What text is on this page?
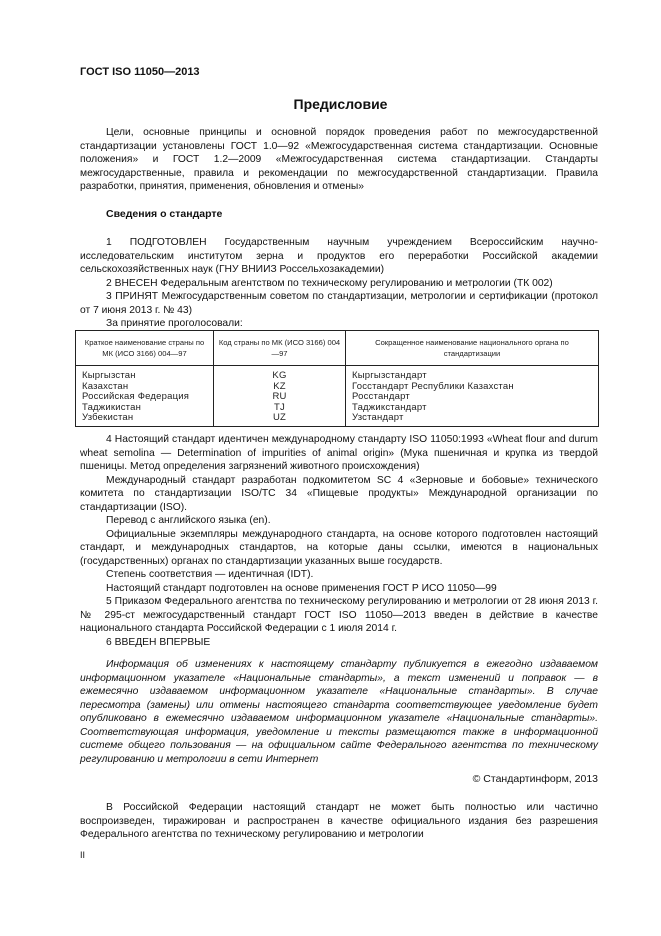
ГОСТ ISO 11050—2013
Предисловие

Цели, основные принципы и основной порядок проведения работ по межгосударственной стандартизации установлены ГОСТ 1.0—92 «Межгосударственная система стандартизации. Основные положения» и ГОСТ 1.2—2009 «Межгосударственная система стандартизации. Стандарты межгосударственные, правила и рекомендации по межгосударственной стандартизации. Правила разработки, принятия, применения, обновления и отмены»

Сведения о стандарте

1 ПОДГОТОВЛЕН Государственным научным учреждением Всероссийским научно-исследовательским институтом зерна и продуктов его переработки Российской академии сельскохозяйственных наук (ГНУ ВНИИЗ Россельхозакадемии)

2 ВНЕСЕН Федеральным агентством по техническому регулированию и метрологии (ТК 002)

3 ПРИНЯТ Межгосударственным советом по стандартизации, метрологии и сертификации (протокол от 7 июня 2013 г. № 43)

За принятие проголосовали:

Краткое наименование страны по МК (ИСО 3166) 004—97	Код страны по МК (ИСО 3166) 004—97	Сокращенное наименование национального органа по стандартизации
Кыргызстан	KG	Кыргызстандарт
Казахстан	KZ	Госстандарт Республики Казахстан
Российская Федерация	RU	Росстандарт
Таджикистан	TJ	Таджикстандарт
Узбекистан	UZ	Узстандарт

4 Настоящий стандарт идентичен международному стандарту ISO 11050:1993 «Wheat flour and durum wheat semolina — Determination of impurities of animal origin» (Мука пшеничная и крупка из твердой пшеницы. Метод определения загрязнений животного происхождения)

Международный стандарт разработан подкомитетом SC 4 «Зерновые и бобовые» технического комитета по стандартизации ISO/TC 34 «Пищевые продукты» Международной организации по стандартизации (ISO).

Перевод с английского языка (en).

Официальные экземпляры международного стандарта, на основе которого подготовлен настоящий стандарт, и международных стандартов, на которые даны ссылки, имеются в национальных (государственных) органах по стандартизации указанных выше государств.

Степень соответствия — идентичная (IDT).

Настоящий стандарт подготовлен на основе применения ГОСТ Р ИСО 11050—99

5 Приказом Федерального агентства по техническому регулированию и метрологии от 28 июня 2013 г. № 295-ст межгосударственный стандарт ГОСТ ISO 11050—2013 введен в действие в качестве национального стандарта Российской Федерации с 1 июля 2014 г.

6 ВВЕДЕН ВПЕРВЫЕ

Информация об изменениях к настоящему стандарту публикуется в ежегодно издаваемом информационном указателе «Национальные стандарты», а текст изменений и поправок — в ежемесячно издаваемом информационном указателе «Национальные стандарты». В случае пересмотра (замены) или отмены настоящего стандарта соответствующее уведомление будет опубликовано в ежемесячно издаваемом информационном указателе «Национальные стандарты». Соответствующая информация, уведомление и тексты размещаются также в информационной системе общего пользования — на официальном сайте Федерального агентства по техническому регулированию и метрологии в сети Интернет

© Стандартинформ, 2013

В Российской Федерации настоящий стандарт не может быть полностью или частично воспроизведен, тиражирован и распространен в качестве официального издания без разрешения Федерального агентства по техническому регулированию и метрологии

II
